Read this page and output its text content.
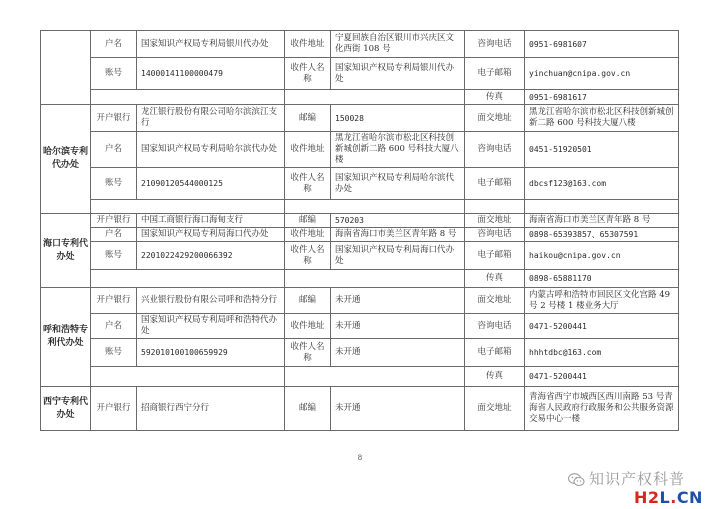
	户名	国家知识产权局专利局银川代办处	收件地址	宁夏回族自治区银川市兴庆区文化西街 108 号	咨询电话	0951-6981607
	账号	14000141100000479	收件人名称	国家知识产权局专利局银川代办处	电子邮箱	yinchuan@cnipa.gov.cn
					传真	0951-6981617
哈尔滨专利代办处	开户银行	龙江银行股份有限公司哈尔滨滨江支行	邮编	150028	面交地址	黑龙江省哈尔滨市松北区科技创新城创新二路 600 号科技大厦八楼
	户名	国家知识产权局专利局哈尔滨代办处	收件地址	黑龙江省哈尔滨市松北区科技创新城创新二路 600 号科技大厦八楼	咨询电话	0451-51920501
	账号	21090120544000125	收件人名称	国家知识产权局专利局哈尔滨代办处	电子邮箱	dbcsf123@163.com

海口专利代办处	开户银行	中国工商银行海口海甸支行	邮编	570203	面交地址	海南省海口市美兰区青年路 8 号
	户名	国家知识产权局专利局海口代办处	收件地址	海南省海口市美兰区青年路 8 号	咨询电话	0898-65393857、65307591
	账号	2201022429200066392	收件人名称	国家知识产权局专利局海口代办处	电子邮箱	haikou@cnipa.gov.cn
					传真	0898-65881170
呼和浩特专利代办处	开户银行	兴业银行股份有限公司呼和浩特分行	邮编	未开通	面交地址	内蒙古呼和浩特市回民区文化宫路 49 号 2 号楼 1 楼业务大厅
	户名	国家知识产权局专利局呼和浩特代办处	收件地址	未开通	咨询电话	0471-5200441
	账号	592010100100659929	收件人名称	未开通	电子邮箱	hhhtdbc@163.com
					传真	0471-5200441
西宁专利代办处	开户银行	招商银行西宁分行	邮编	未开通	面交地址	青海省西宁市城西区西川南路 53 号青海省人民政府行政服务和公共服务资源交易中心一楼
8
知识产权科普
H2L.CN
